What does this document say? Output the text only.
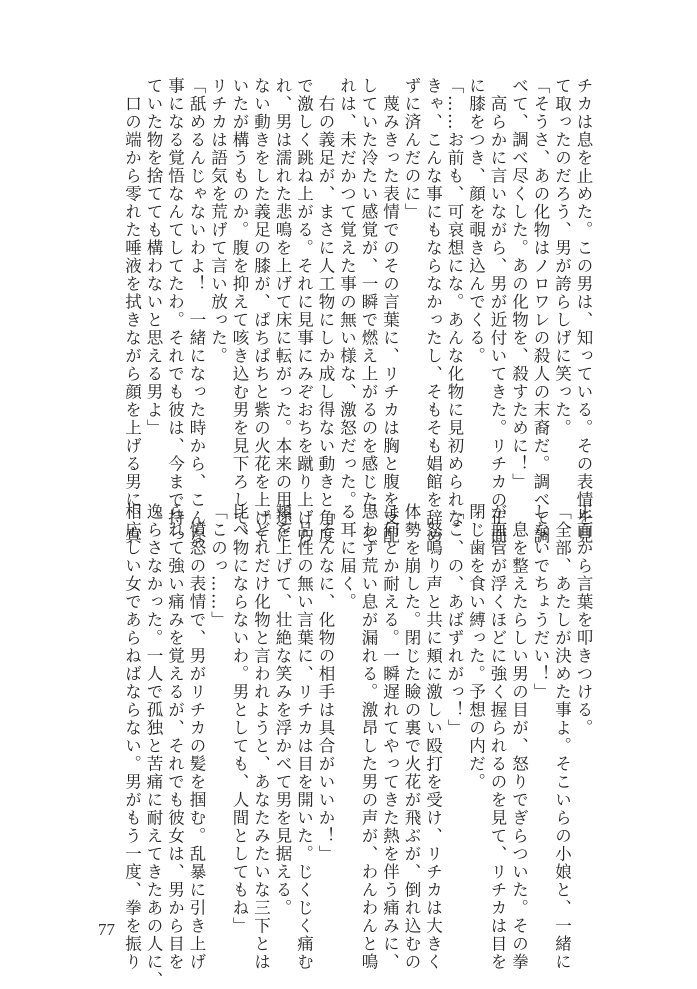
チカは息を止めた。この男は、知っている。その表情を見
て取ったのだろう、男が誇らしげに笑った。
「そうさ、あの化物はノロワレの殺人の末裔だ。調べて調
べて、調べ尽くした。あの化物を、殺すために！」
　高らかに言いながら、男が近付いてきた。リチカの正面
に膝をつき、顔を覗き込んでくる。
「……お前も、可哀想にな。あんな化物に見初められな
きゃ、こんな事にもならなかったし、そもそも娼館を辞め
ずに済んだのに」
　蔑みきった表情でのその言葉に、リチカは胸と腹を支配
していた冷たい感覚が、一瞬で燃え上がるのを感じた。そ
れは、未だかつて覚えた事の無い様な、激怒だった。
　右の義足が、まさに人工物にしか成し得ない動きと角度
で激しく跳ね上がる。それに見事にみぞおちを蹴り上げら
れ、男は濡れた悲鳴を上げて床に転がった。本来の用途に
ない動きをした義足の膝が、ぱちぱちと紫の火花を上げて
いたが構うものか。腹を抑えて咳き込む男を見下ろして、
リチカは語気を荒げて言い放った。
「舐めるんじゃないわよ！　一緒になった時から、こんな
事になる覚悟なんてしてたわ。それでも彼は、今まで持っ
ていた物を捨てても構わないと思える男よ」
　口の端から零れた唾液を拭きながら顔を上げる男に、真
正面から言葉を叩きつける。
「全部、あたしが決めた事よ。そこいらの小娘と、一緒に
しないでちょうだい！」
　息を整えたらしい男の目が、怒りでぎらついた。その拳
が血管が浮くほどに強く握られるのを見て、リチカは目を
閉じ歯を食い縛った。予想の内だ。
「こ、の、あばずれがっ！」
　怒鳴り声と共に頬に激しい殴打を受け、リチカは大きく
体勢を崩した。閉じた瞼の裏で火花が飛ぶが、倒れ込むの
は何とか耐える。一瞬遅れてやってきた熱を伴う痛みに、
思わず荒い息が漏れる。激昂した男の声が、わんわんと鳴
る耳に届く。
「そんなに、化物の相手は具合がいいか！」
　品性の無い言葉に、リチカは目を開いた。じくじく痛む
頬を上げて、壮絶な笑みを浮かべて男を見据える。
「どれだけ化物と言われようと、あなたみたいな三下とは
比べ物にならないわ。男としても、人間としてもね」
「このっ……」
　憤怒の表情で、男がリチカの髪を掴む。乱暴に引き上げ
られて強い痛みを覚えるが、それでも彼女は、男から目を
逸らさなかった。一人で孤独と苦痛に耐えてきたあの人に、
相応しい女であらねばならない。男がもう一度、拳を振り
77
